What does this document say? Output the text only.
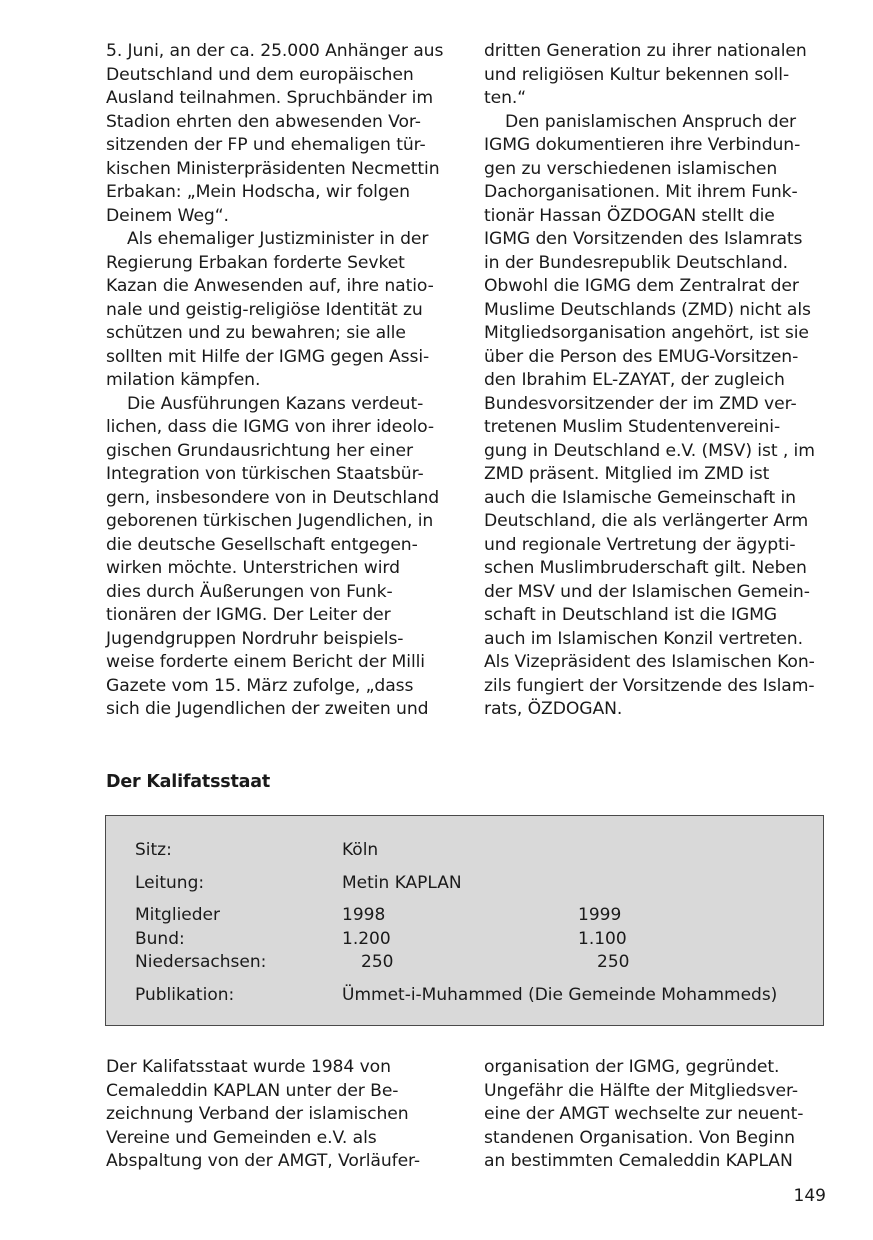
5. Juni, an der ca. 25.000 Anhänger aus
Deutschland und dem europäischen
Ausland teilnahmen. Spruchbänder im
Stadion ehrten den abwesenden Vor-
sitzenden der FP und ehemaligen tür-
kischen Ministerpräsidenten Necmettin
Erbakan: „Mein Hodscha, wir folgen
Deinem Weg“.
Als ehemaliger Justizminister in der
Regierung Erbakan forderte Sevket
Kazan die Anwesenden auf, ihre natio-
nale und geistig-religiöse Identität zu
schützen und zu bewahren; sie alle
sollten mit Hilfe der IGMG gegen Assi-
milation kämpfen.
Die Ausführungen Kazans verdeut-
lichen, dass die IGMG von ihrer ideolo-
gischen Grundausrichtung her einer
Integration von türkischen Staatsbür-
gern, insbesondere von in Deutschland
geborenen türkischen Jugendlichen, in
die deutsche Gesellschaft entgegen-
wirken möchte. Unterstrichen wird
dies durch Äußerungen von Funk-
tionären der IGMG. Der Leiter der
Jugendgruppen Nordruhr beispiels-
weise forderte einem Bericht der Milli
Gazete vom 15. März zufolge, „dass
sich die Jugendlichen der zweiten und
dritten Generation zu ihrer nationalen
und religiösen Kultur bekennen soll-
ten.“
Den panislamischen Anspruch der
IGMG dokumentieren ihre Verbindun-
gen zu verschiedenen islamischen
Dachorganisationen. Mit ihrem Funk-
tionär Hassan ÖZDOGAN stellt die
IGMG den Vorsitzenden des Islamrats
in der Bundesrepublik Deutschland.
Obwohl die IGMG dem Zentralrat der
Muslime Deutschlands (ZMD) nicht als
Mitgliedsorganisation angehört, ist sie
über die Person des EMUG-Vorsitzen-
den Ibrahim EL-ZAYAT, der zugleich
Bundesvorsitzender der im ZMD ver-
tretenen Muslim Studentenvereini-
gung in Deutschland e.V. (MSV) ist , im
ZMD präsent. Mitglied im ZMD ist
auch die Islamische Gemeinschaft in
Deutschland, die als verlängerter Arm
und regionale Vertretung der ägypti-
schen Muslimbruderschaft gilt. Neben
der MSV und der Islamischen Gemein-
schaft in Deutschland ist die IGMG
auch im Islamischen Konzil vertreten.
Als Vizepräsident des Islamischen Kon-
zils fungiert der Vorsitzende des Islam-
rats, ÖZDOGAN.
Der Kalifatsstaat
Sitz:	Köln
Leitung:	Metin KAPLAN
Mitglieder	1998	1999
Bund:	1.200	1.100
Niedersachsen:	250	250
Publikation:	Ümmet-i-Muhammed (Die Gemeinde Mohammeds)
Der Kalifatsstaat wurde 1984 von
Cemaleddin KAPLAN unter der Be-
zeichnung Verband der islamischen
Vereine und Gemeinden e.V. als
Abspaltung von der AMGT, Vorläufer-
organisation der IGMG, gegründet.
Ungefähr die Hälfte der Mitgliedsver-
eine der AMGT wechselte zur neuent-
standenen Organisation. Von Beginn
an bestimmten Cemaleddin KAPLAN
149
